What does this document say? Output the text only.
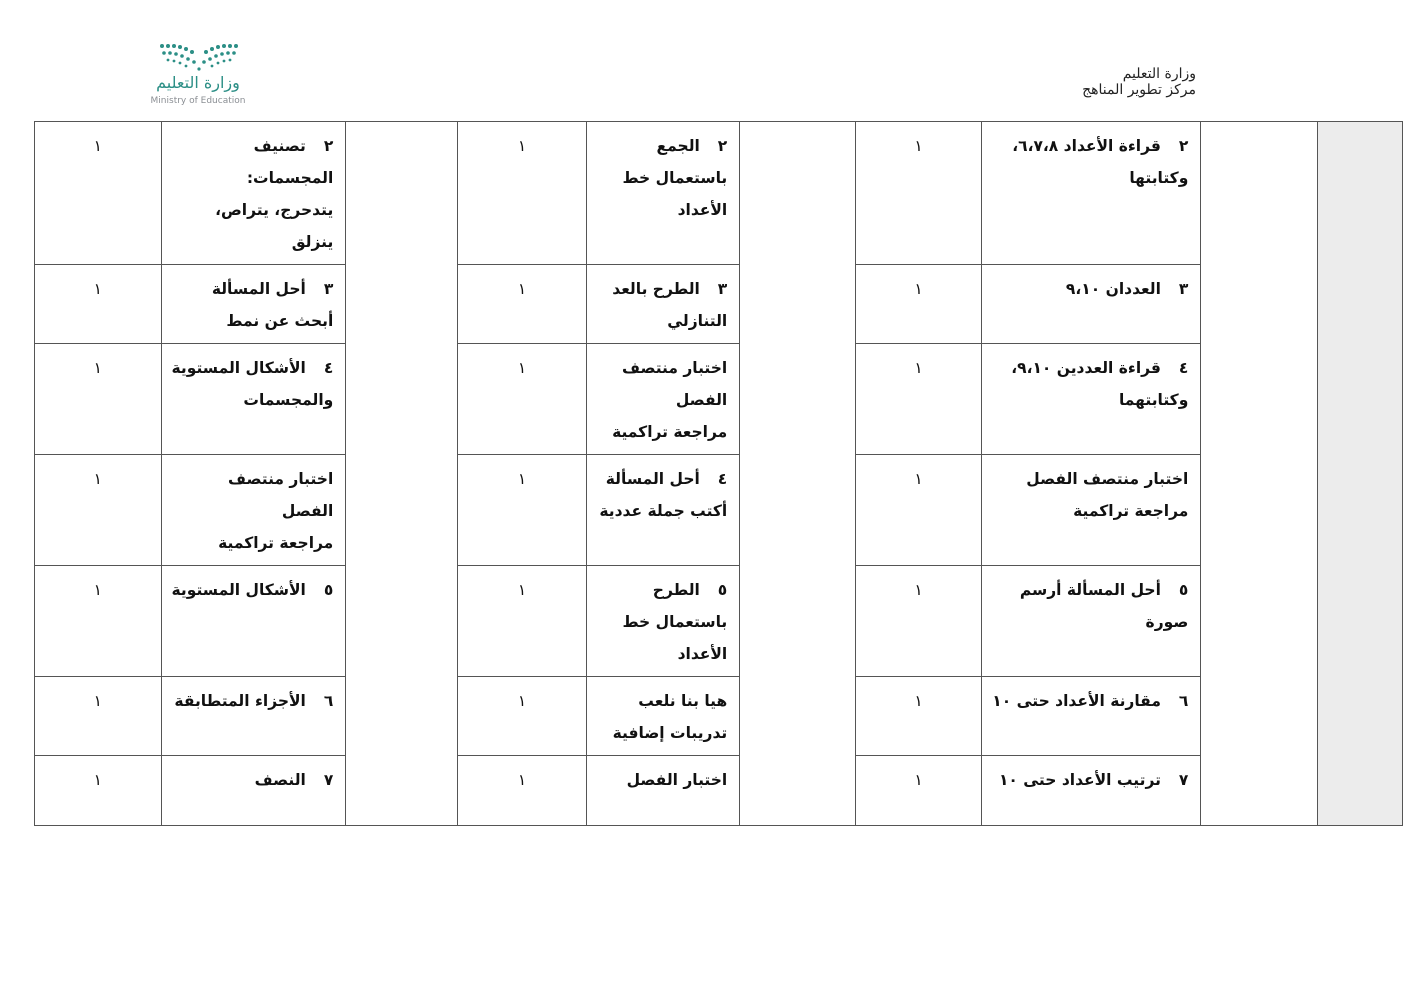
وزارة التعليم
Ministry of Education
وزارة التعليم
مركز تطوير المناهج

		٢ قراءة الأعداد ٦،٧،٨،
وكتابتها	١		٢ الجمع
باستعمال خط
الأعداد	١		٢ تصنيف
المجسمات:
يتدحرج، يتراص،
ينزلق	١

		٣ العددان ٩،١٠	١		٣ الطرح بالعد
التنازلي	١		٣ أحل المسألة
أبحث عن نمط	١

		٤ قراءة العددين ٩،١٠،
وكتابتهما	١		اختبار منتصف
الفصل
مراجعة تراكمية	١		٤ الأشكال المستوية
والمجسمات	١

		اختبار منتصف الفصل
مراجعة تراكمية	١		٤ أحل المسألة
أكتب جملة عددية	١		اختبار منتصف
الفصل
مراجعة تراكمية	١

		٥ أحل المسألة أرسم
صورة	١		٥ الطرح
باستعمال خط
الأعداد	١		٥ الأشكال المستوية	١

		٦ مقارنة الأعداد حتى ١٠	١		هيا بنا نلعب
تدريبات إضافية	١		٦ الأجزاء المتطابقة	١

		٧ ترتيب الأعداد حتى ١٠	١		اختبار الفصل	١		٧ النصف	١
